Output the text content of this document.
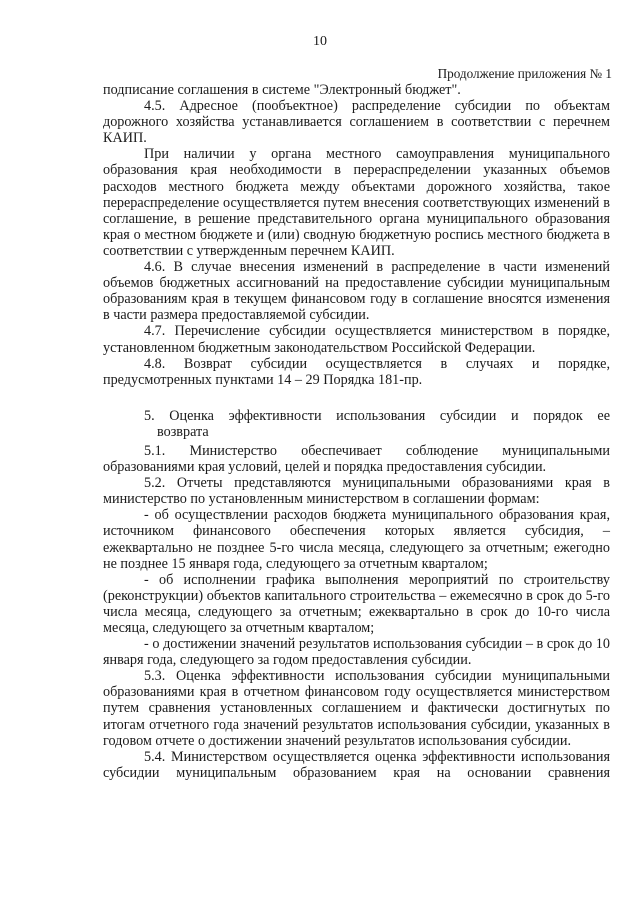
10
Продолжение приложения № 1

подписание соглашения в системе "Электронный бюджет".

4.5. Адресное (пообъектное) распределение субсидии по объектам дорожного хозяйства устанавливается соглашением в соответствии с перечнем КАИП.

При наличии у органа местного самоуправления муниципального образования края необходимости в перераспределении указанных объемов расходов местного бюджета между объектами дорожного хозяйства, такое перераспределение осуществляется путем внесения соответствующих изменений в соглашение, в решение представительного органа муниципального образования края о местном бюджете и (или) сводную бюджетную роспись местного бюджета в соответствии с утвержденным перечнем КАИП.

4.6. В случае внесения изменений в распределение в части изменений объемов бюджетных ассигнований на предоставление субсидии муниципальным образованиям края в текущем финансовом году в соглашение вносятся изменения в части размера предоставляемой субсидии.

4.7. Перечисление субсидии осуществляется министерством в порядке, установленном бюджетным законодательством Российской Федерации.

4.8. Возврат субсидии осуществляется в случаях и порядке, предусмотренных пунктами 14 – 29 Порядка 181-пр.

5. Оценка эффективности использования субсидии и порядок ее

возврата

5.1. Министерство обеспечивает соблюдение муниципальными образованиями края условий, целей и порядка предоставления субсидии.

5.2. Отчеты представляются муниципальными образованиями края в министерство по установленным министерством в соглашении формам:

- об осуществлении расходов бюджета муниципального образования края, источником финансового обеспечения которых является субсидия, – ежеквартально не позднее 5-го числа месяца, следующего за отчетным; ежегодно не позднее 15 января года, следующего за отчетным кварталом;

- об исполнении графика выполнения мероприятий по строительству (реконструкции) объектов капитального строительства – ежемесячно в срок до 5-го числа месяца, следующего за отчетным; ежеквартально в срок до 10-го числа месяца, следующего за отчетным кварталом;

- о достижении значений результатов использования субсидии – в срок до 10 января года, следующего за годом предоставления субсидии.

5.3. Оценка эффективности использования субсидии муниципальными образованиями края в отчетном финансовом году осуществляется министерством путем сравнения установленных соглашением и фактически достигнутых по итогам отчетного года значений результатов использования субсидии, указанных в годовом отчете о достижении значений результатов использования субсидии.

5.4. Министерством осуществляется оценка эффективности использования субсидии муниципальным образованием края на основании сравнения
